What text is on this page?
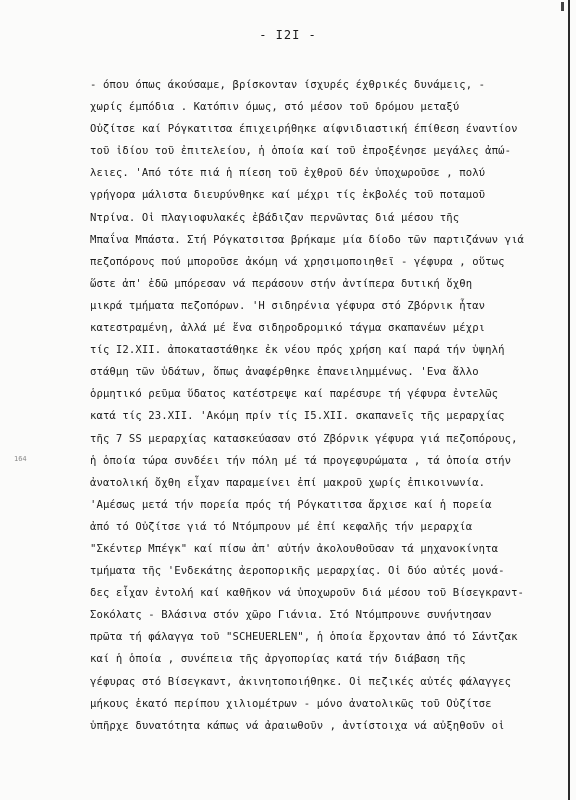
- I2I -
164
- όπου όπως άκούσαμε, βρίσκονταν ίσχυρές έχθρικές δυνάμεις, -
χωρίς έμπόδια . Κατόπιν όμως, στό μέσον τοῦ δρόμου μεταξύ
Οὐζίτσε καί Ρόγκατιτσα έπιχειρήθηκε αίφνιδιαστική έπίθεση έναντίον
τοῦ ἰδίου τοῦ ἐπιτελείου, ἡ ὁποία καί τοῦ ἐπροξένησε μεγάλες ἀπώ-
λειες. 'Από τότε πιά ἡ πίεση τοῦ ἐχθροῦ δέν ὑποχωροῦσε , πολύ
γρήγορα μάλιστα διευρύνθηκε καί μέχρι τίς ἐκβολές τοῦ ποταμοῦ
Ντρίνα. Οἱ πλαγιοφυλακές ἐβάδιζαν περνῶντας διά μέσου τῆς
Μπαΐνα Μπάστα. Στή Ρόγκατσιτσα βρήκαμε μία δίοδο τῶν παρτιζάνων γιά
πεζοπόρους πού μποροῦσε ἀκόμη νά χρησιμοποιηθεῖ - γέφυρα , οὕτως
ὥστε ἀπ' ἐδῶ μπόρεσαν νά περάσουν στήν ἀντίπερα δυτική ὄχθη
μικρά τμήματα πεζοπόρων. 'Η σιδηρένια γέφυρα στό Ζβόρνικ ἦταν
κατεστραμένη, ἀλλά μέ ἕνα σιδηροδρομικό τάγμα σκαπανέων μέχρι
τίς I2.XII. ἀποκαταστάθηκε ἐκ νέου πρός χρήση καί παρά τήν ὑψηλή
στάθμη τῶν ὑδάτων, ὅπως ἀναφέρθηκε ἐπανειλημμένως. 'Ενα ἄλλο
ὁρμητικό ρεῦμα ὕδατος κατέστρεψε καί παρέσυρε τή γέφυρα ἐντελῶς
κατά τίς 23.XII. 'Ακόμη πρίν τίς I5.XII. σκαπανεῖς τῆς μεραρχίας
τῆς 7 SS μεραρχίας κατασκεύασαν στό Ζβόρνικ γέφυρα γιά πεζοπόρους,
ἡ ὁποία τώρα συνδέει τήν πόλη μέ τά προγεφυρώματα , τά ὁποία στήν
ἀνατολική ὄχθη εἶχαν παραμείνει ἐπί μακροῦ χωρίς ἐπικοινωνία.
'Αμέσως μετά τήν πορεία πρός τή Ρόγκατιτσα ἄρχισε καί ἡ πορεία
ἀπό τό Οὐζίτσε γιά τό Ντόμπρουν μέ ἐπί κεφαλῆς τήν μεραρχία
"Σκέντερ Μπέγκ" καί πίσω ἀπ' αὐτήν ἀκολουθοῦσαν τά μηχανοκίνητα
τμήματα τῆς 'Ενδεκάτης ἀεροπορικῆς μεραρχίας. Οἱ δύο αὐτές μονά-
δες εἶχαν ἐντολή καί καθῆκον νά ὑποχωροῦν διά μέσου τοῦ Βίσεγκραντ-
Σοκόλατς - Βλάσινα στόν χῶρο Γιάνια. Στό Ντόμπρουνε συνήντησαν
πρῶτα τή φάλαγγα τοῦ "SCHEUERLEN", ἡ ὁποία ἔρχονταν ἀπό τό Σάντζακ
καί ἡ ὁποία , συνέπεια τῆς ἀργοπορίας κατά τήν διάβαση τῆς
γέφυρας στό Βίσεγκαντ, ἀκινητοποιήθηκε. Οἱ πεζικές αὐτές φάλαγγες
μήκους ἑκατό περίπου χιλιομέτρων - μόνο ἀνατολικῶς τοῦ Οὐζίτσε
ὑπῆρχε δυνατότητα κάπως νά ἀραιωθοῦν , ἀντίστοιχα νά αὐξηθοῦν οἱ
